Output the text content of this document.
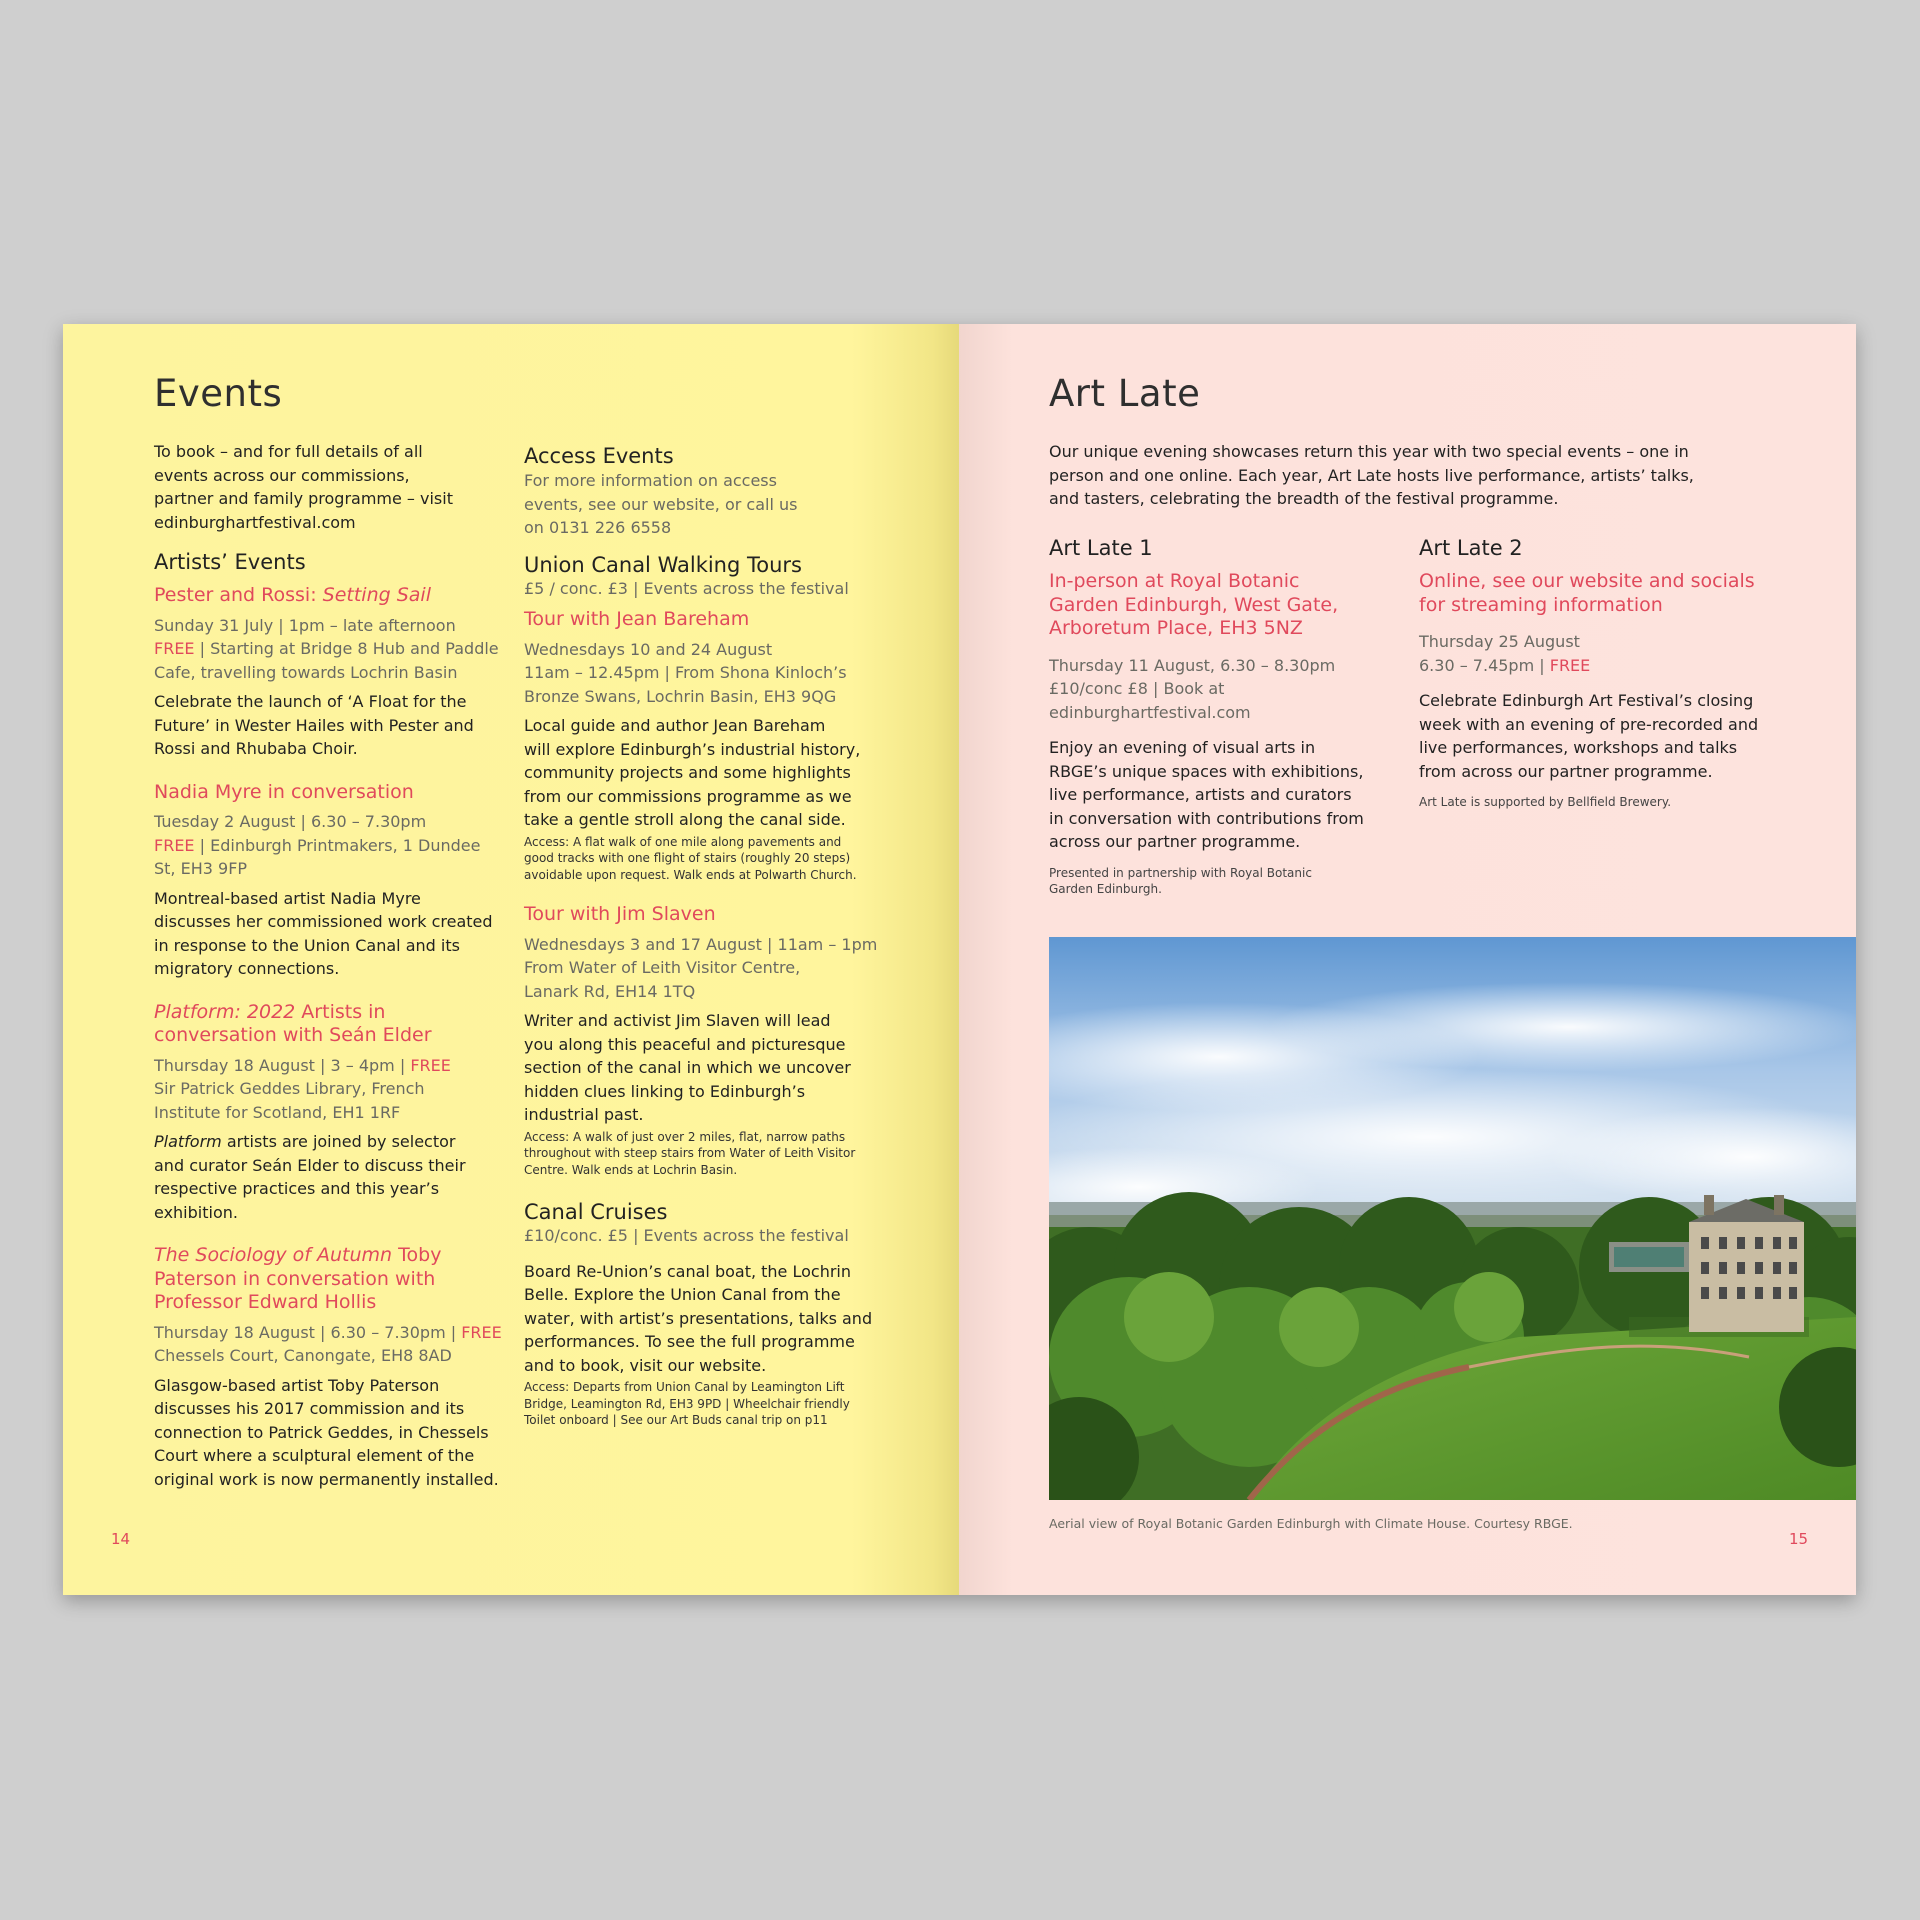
Events
To book – and for full details of all
events across our commissions,
partner and family programme – visit
edinburghartfestival.com
Artists’ Events
Pester and Rossi: Setting Sail
Sunday 31 July | 1pm – late afternoon
FREE | Starting at Bridge 8 Hub and Paddle
Cafe, travelling towards Lochrin Basin
Celebrate the launch of ‘A Float for the
Future’ in Wester Hailes with Pester and
Rossi and Rhubaba Choir.
Nadia Myre in conversation
Tuesday 2 August | 6.30 – 7.30pm
FREE | Edinburgh Printmakers, 1 Dundee
St, EH3 9FP
Montreal-based artist Nadia Myre
discusses her commissioned work created
in response to the Union Canal and its
migratory connections.
Platform: 2022 Artists in
conversation with Seán Elder
Thursday 18 August | 3 – 4pm | FREE
Sir Patrick Geddes Library, French
Institute for Scotland, EH1 1RF
Platform artists are joined by selector
and curator Seán Elder to discuss their
respective practices and this year’s
exhibition.
The Sociology of Autumn Toby
Paterson in conversation with
Professor Edward Hollis
Thursday 18 August | 6.30 – 7.30pm | FREE
Chessels Court, Canongate, EH8 8AD
Glasgow-based artist Toby Paterson
discusses his 2017 commission and its
connection to Patrick Geddes, in Chessels
Court where a sculptural element of the
original work is now permanently installed.
Access Events
For more information on access
events, see our website, or call us
on 0131 226 6558
Union Canal Walking Tours
£5 / conc. £3 | Events across the festival
Tour with Jean Bareham
Wednesdays 10 and 24 August
11am – 12.45pm | From Shona Kinloch’s
Bronze Swans, Lochrin Basin, EH3 9QG
Local guide and author Jean Bareham
will explore Edinburgh’s industrial history,
community projects and some highlights
from our commissions programme as we
take a gentle stroll along the canal side.
Access: A flat walk of one mile along pavements and
good tracks with one flight of stairs (roughly 20 steps)
avoidable upon request. Walk ends at Polwarth Church.
Tour with Jim Slaven
Wednesdays 3 and 17 August | 11am – 1pm
From Water of Leith Visitor Centre,
Lanark Rd, EH14 1TQ
Writer and activist Jim Slaven will lead
you along this peaceful and picturesque
section of the canal in which we uncover
hidden clues linking to Edinburgh’s
industrial past.
Access: A walk of just over 2 miles, flat, narrow paths
throughout with steep stairs from Water of Leith Visitor
Centre. Walk ends at Lochrin Basin.
Canal Cruises
£10/conc. £5 | Events across the festival
Board Re-Union’s canal boat, the Lochrin
Belle. Explore the Union Canal from the
water, with artist’s presentations, talks and
performances. To see the full programme
and to book, visit our website.
Access: Departs from Union Canal by Leamington Lift
Bridge, Leamington Rd, EH3 9PD | Wheelchair friendly
Toilet onboard | See our Art Buds canal trip on p11
14
Art Late
Our unique evening showcases return this year with two special events – one in
person and one online. Each year, Art Late hosts live performance, artists’ talks,
and tasters, celebrating the breadth of the festival programme.
Art Late 1
In-person at Royal Botanic
Garden Edinburgh, West Gate,
Arboretum Place, EH3 5NZ
Thursday 11 August, 6.30 – 8.30pm
£10/conc £8 | Book at
edinburghartfestival.com
Enjoy an evening of visual arts in
RBGE’s unique spaces with exhibitions,
live performance, artists and curators
in conversation with contributions from
across our partner programme.
Presented in partnership with Royal Botanic
Garden Edinburgh.
Art Late 2
Online, see our website and socials
for streaming information
Thursday 25 August
6.30 – 7.45pm | FREE
Celebrate Edinburgh Art Festival’s closing
week with an evening of pre-recorded and
live performances, workshops and talks
from across our partner programme.
Art Late is supported by Bellfield Brewery.
Aerial view of Royal Botanic Garden Edinburgh with Climate House. Courtesy RBGE.
15
